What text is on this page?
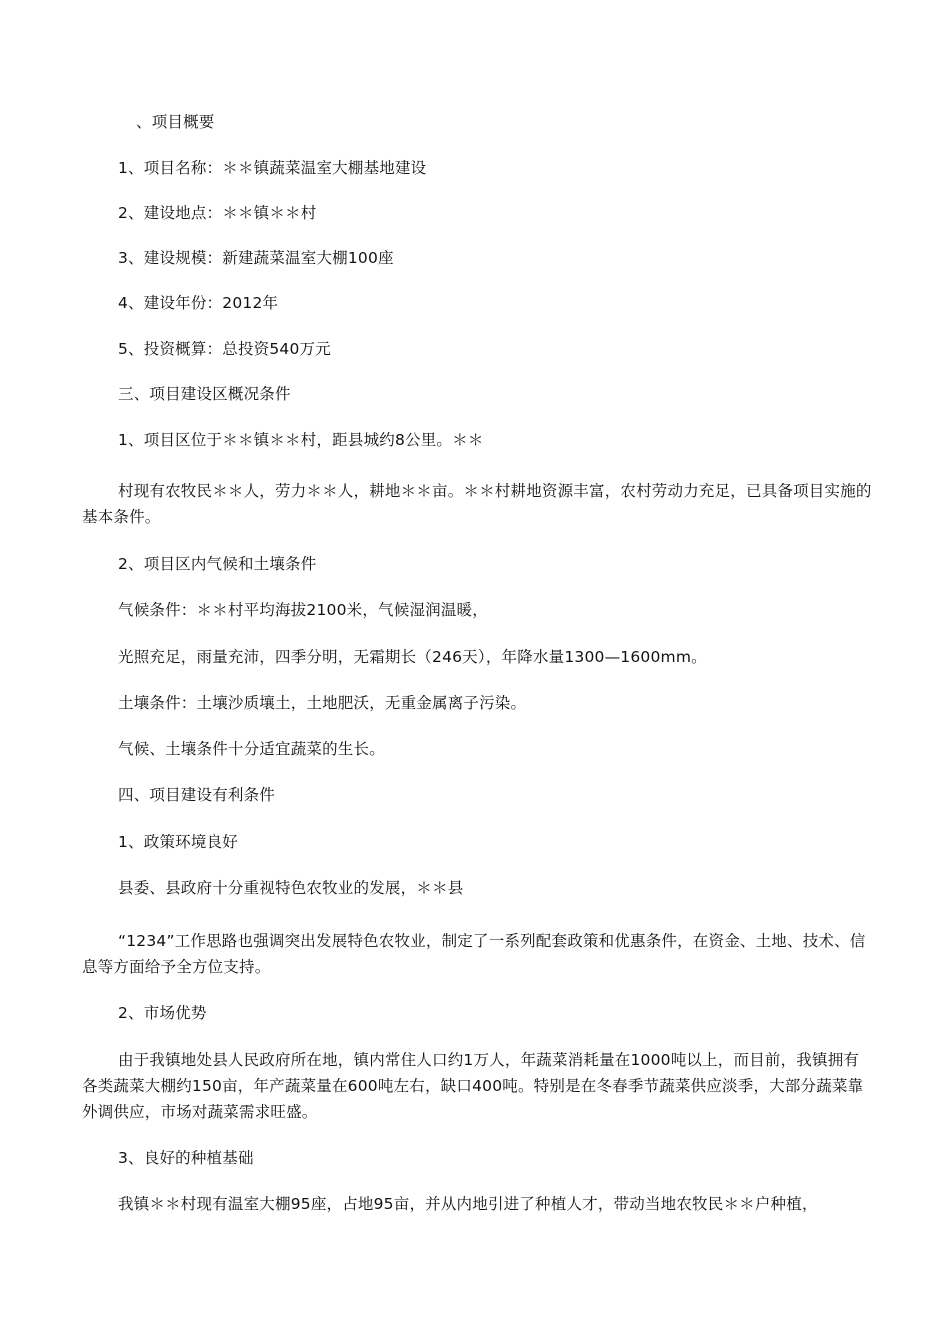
、项目概要
1、项目名称：＊＊镇蔬菜温室大棚基地建设
2、建设地点：＊＊镇＊＊村
3、建设规模：新建蔬菜温室大棚100座
4、建设年份：2012年
5、投资概算：总投资540万元
三、项目建设区概况条件
1、项目区位于＊＊镇＊＊村，距县城约8公里。＊＊
村现有农牧民＊＊人，劳力＊＊人，耕地＊＊亩。＊＊村耕地资源丰富，农村劳动力充足，已具备项目实施的基本条件。
2、项目区内气候和土壤条件
气候条件：＊＊村平均海拔2100米，气候湿润温暖，
光照充足，雨量充沛，四季分明，无霜期长（246天），年降水量1300—1600mm。
土壤条件：土壤沙质壤土，土地肥沃，无重金属离子污染。
气候、土壤条件十分适宜蔬菜的生长。
四、项目建设有利条件
1、政策环境良好
县委、县政府十分重视特色农牧业的发展，＊＊县
“1234”工作思路也强调突出发展特色农牧业，制定了一系列配套政策和优惠条件，在资金、土地、技术、信息等方面给予全方位支持。
2、市场优势
由于我镇地处县人民政府所在地，镇内常住人口约1万人，年蔬菜消耗量在1000吨以上，而目前，我镇拥有各类蔬菜大棚约150亩，年产蔬菜量在600吨左右，缺口400吨。特别是在冬春季节蔬菜供应淡季，大部分蔬菜靠外调供应，市场对蔬菜需求旺盛。
3、良好的种植基础
我镇＊＊村现有温室大棚95座，占地95亩，并从内地引进了种植人才，带动当地农牧民＊＊户种植，
